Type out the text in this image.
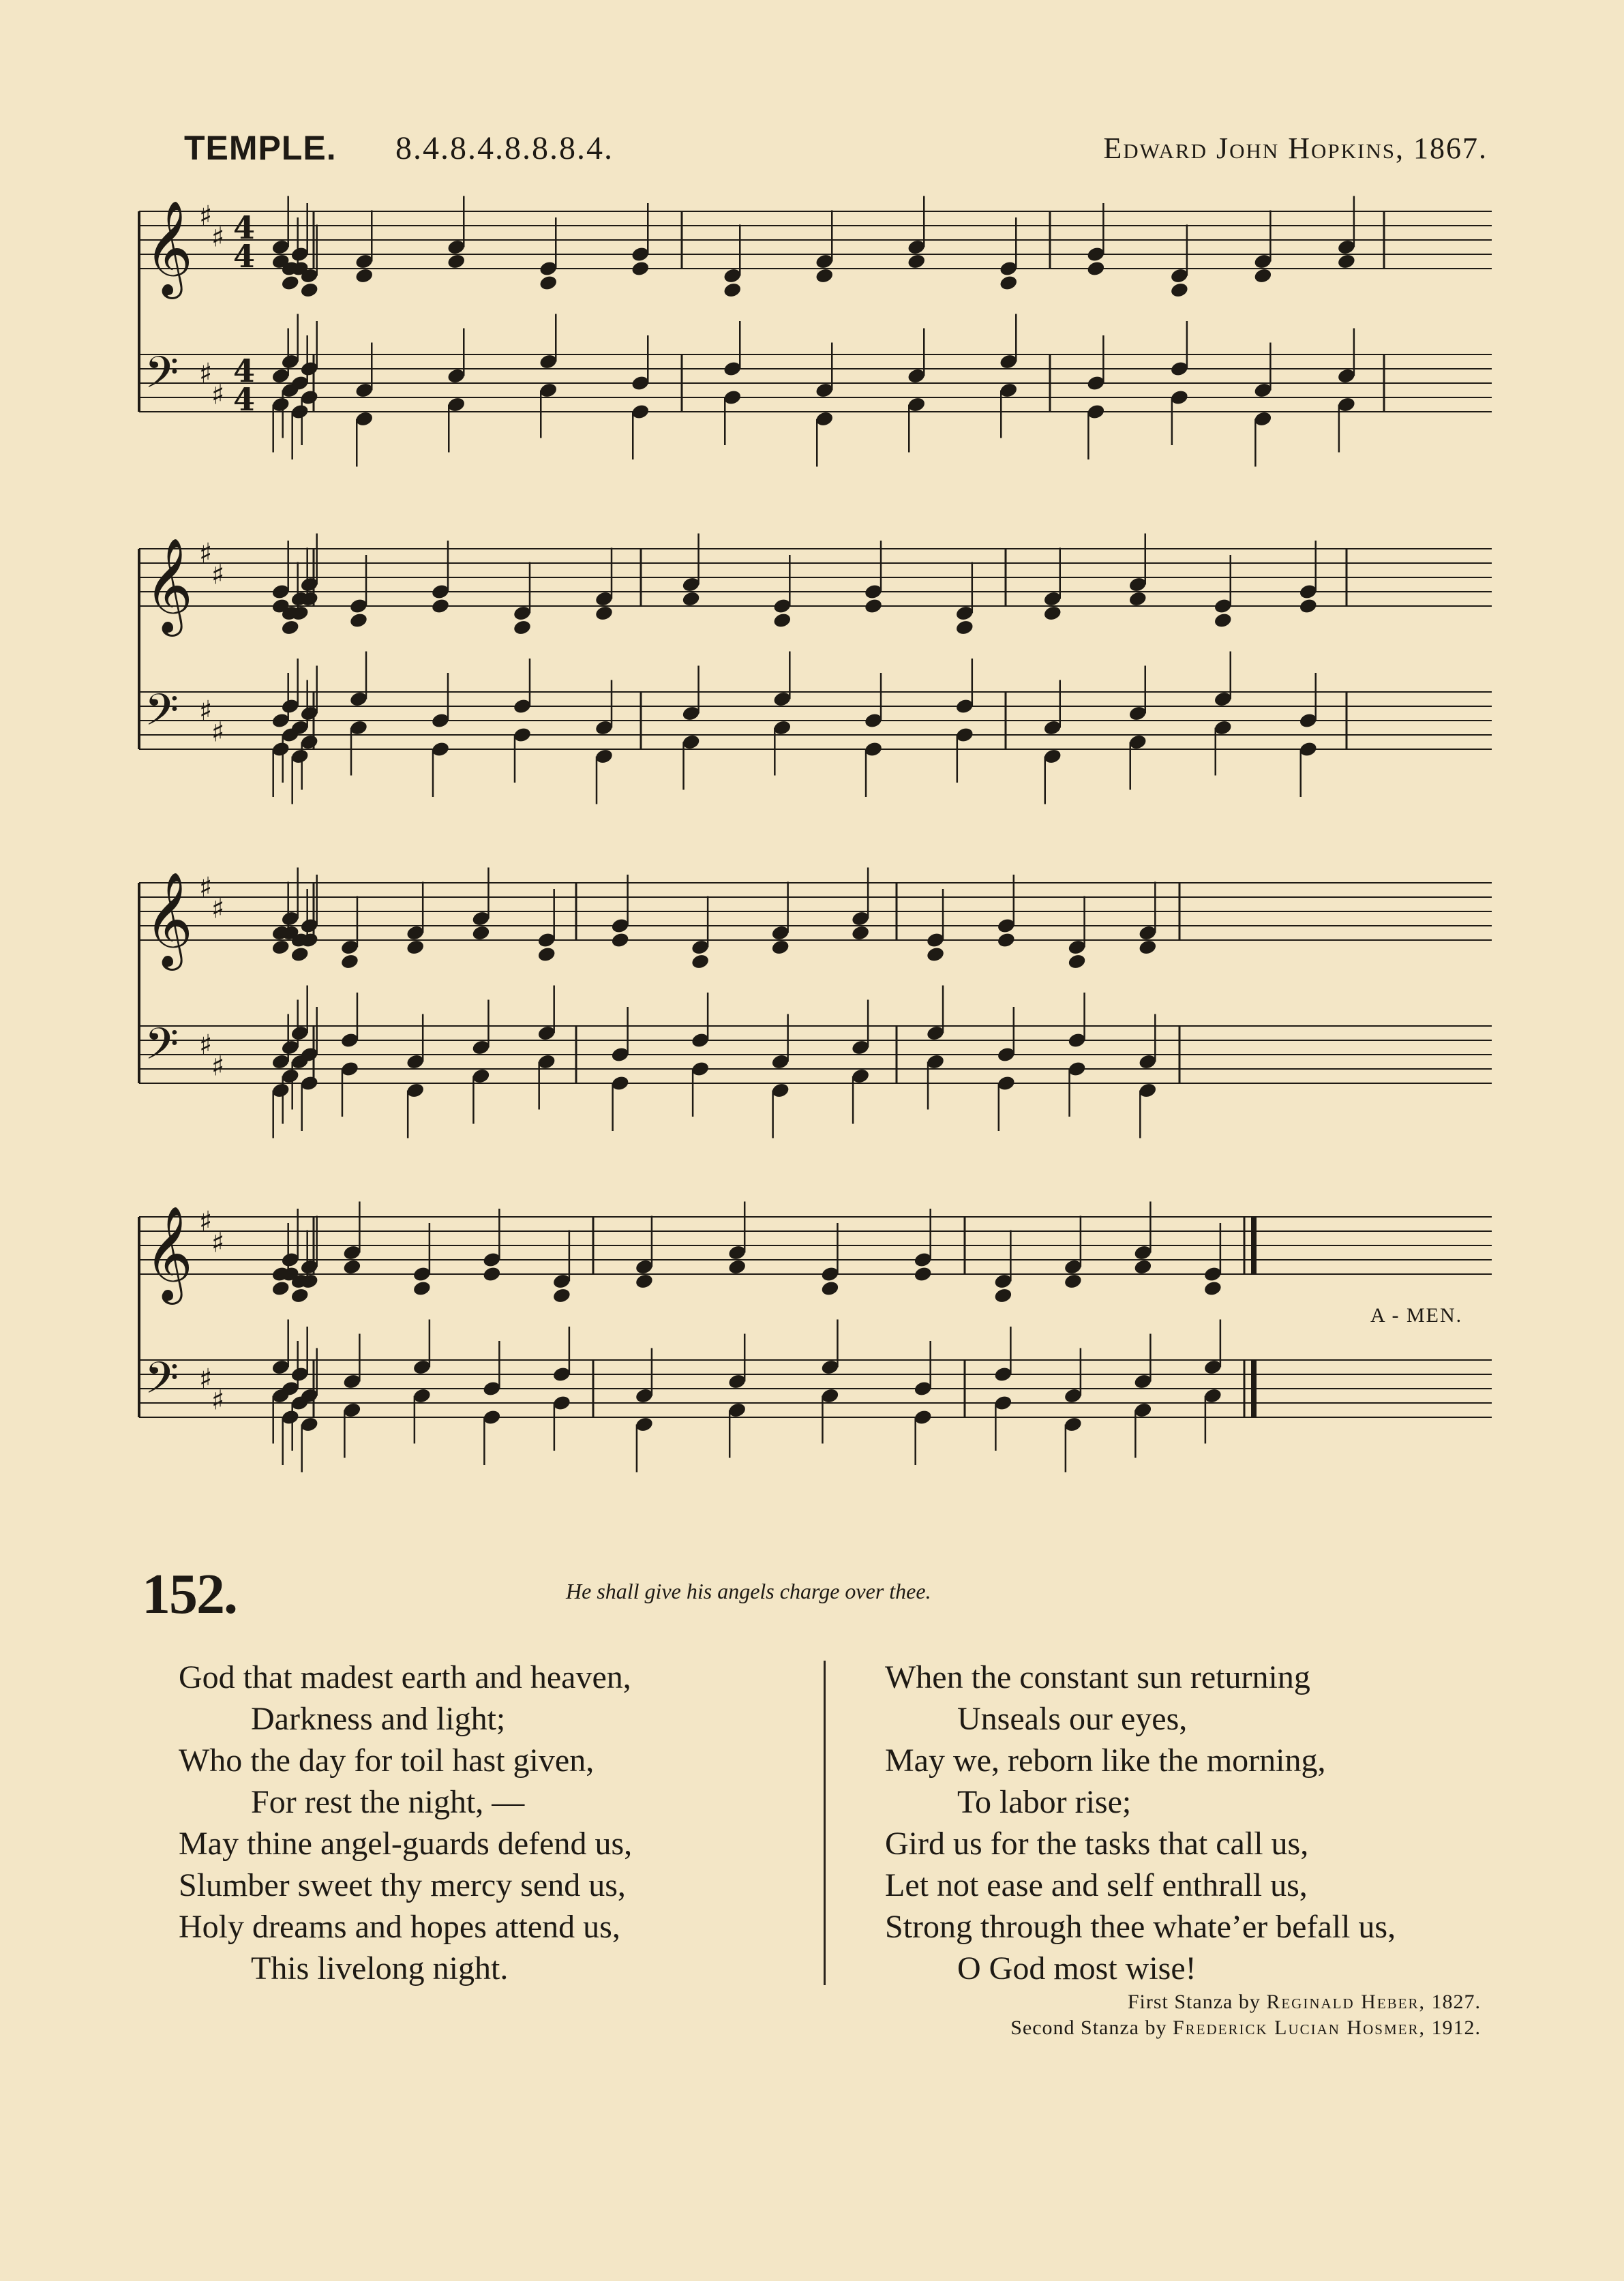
TEMPLE. 8.4.8.4.8.8.8.4.	Edward John Hopkins, 1867.
𝄞 ♯
♯ 4
4
𝄢 ♯
♯
4
4
𝄞 ♯
♯
𝄢 ♯
♯
𝄞 ♯
♯
𝄢 ♯
♯
𝄞 ♯
♯
𝄢 ♯
♯
A - MEN.
152.	He shall give his angels charge over thee.
God that madest earth and heaven,
Darkness and light;
Who the day for toil hast given,
For rest the night, —
May thine angel-guards defend us,
Slumber sweet thy mercy send us,
Holy dreams and hopes attend us,
This livelong night.
When the constant sun returning
Unseals our eyes,
May we, reborn like the morning,
To labor rise;
Gird us for the tasks that call us,
Let not ease and self enthrall us,
Strong through thee whate’er befall us,
O God most wise!
First Stanza by Reginald Heber, 1827.
Second Stanza by Frederick Lucian Hosmer, 1912.
